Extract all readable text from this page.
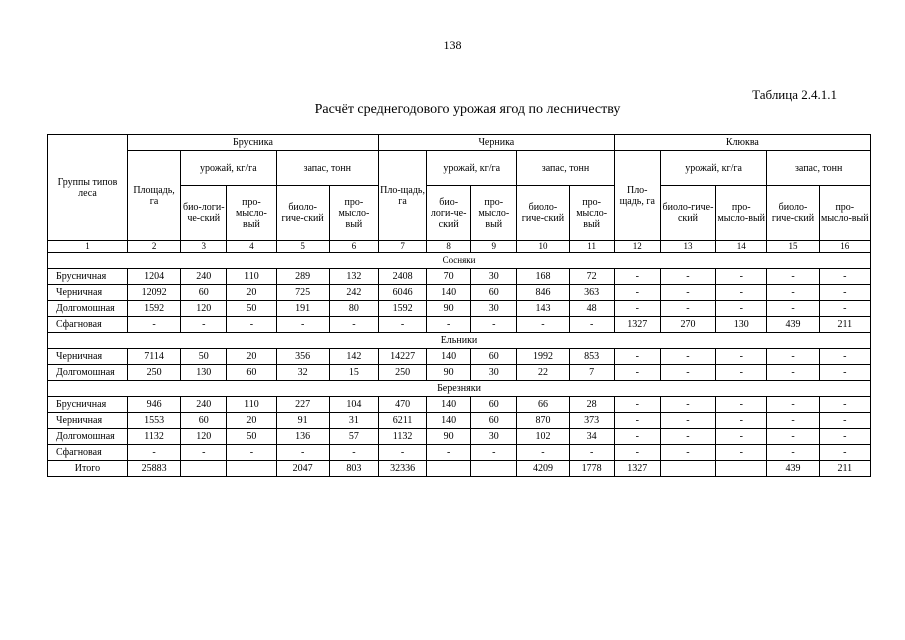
138
Таблица 2.4.1.1
Расчёт среднегодового урожая ягод по лесничеству
Группы типов леса	Брусника					Черника					Клюква				
	Площадь, га	урожай, кг/га		запас, тонн		Пло-щадь, га	урожай, кг/га		запас, тонн		Пло-щадь, га	урожай, кг/га		запас, тонн	
		био-логи-че-ский	про-мысло-вый	биоло-гиче-ский	про-мысло-вый		био-логи-че-ский	про-мысло-вый	биоло-гиче-ский	про-мысло-вый		биоло-гиче-ский	про-мысло-вый	биоло-гиче-ский	про-мысло-вый
1	2	3	4	5	6	7	8	9	10	11	12	13	14	15	16
Сосняки															
Брусничная	1204	240	110	289	132	2408	70	30	168	72	-	-	-	-	-
Черничная	12092	60	20	725	242	6046	140	60	846	363	-	-	-	-	-
Долгомошная	1592	120	50	191	80	1592	90	30	143	48	-	-	-	-	-
Сфагновая	-	-	-	-	-	-	-	-	-	-	1327	270	130	439	211
Ельники															
Черничная	7114	50	20	356	142	14227	140	60	1992	853	-	-	-	-	-
Долгомошная	250	130	60	32	15	250	90	30	22	7	-	-	-	-	-
Березняки															
Брусничная	946	240	110	227	104	470	140	60	66	28	-	-	-	-	-
Черничная	1553	60	20	91	31	6211	140	60	870	373	-	-	-	-	-
Долгомошная	1132	120	50	136	57	1132	90	30	102	34	-	-	-	-	-
Сфагновая	-	-	-	-	-	-	-	-	-	-	-	-	-	-	-
Итого	25883			2047	803	32336			4209	1778	1327			439	211
